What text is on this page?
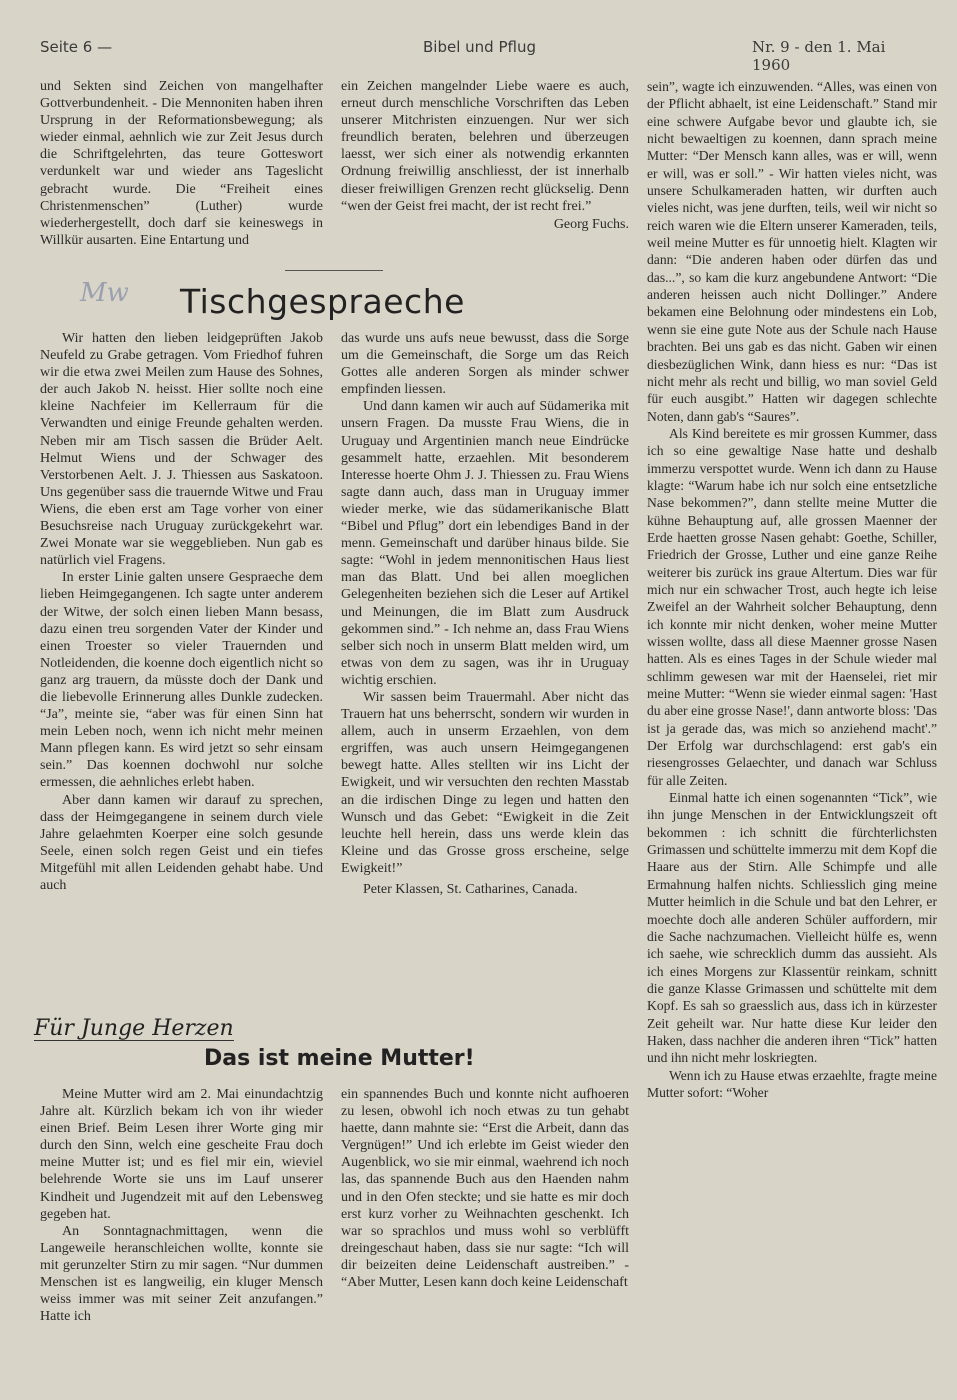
Seite 6 —	Bibel und Pflug	Nr. 9 - den 1. Mai 1960

und Sekten sind Zeichen von mangelhafter Gottverbundenheit. - Die Mennoniten haben ihren Ursprung in der Reformationsbewegung; als wieder einmal, aehnlich wie zur Zeit Jesus durch die Schriftgelehrten, das teure Gotteswort verdunkelt war und wieder ans Tageslicht gebracht wurde. Die “Freiheit eines Christenmenschen” (Luther) wurde wiederhergestellt, doch darf sie keineswegs in Willkür ausarten. Eine Entartung und

ein Zeichen mangelnder Liebe waere es auch, erneut durch menschliche Vorschriften das Leben unserer Mitchristen einzuengen. Nur wer sich freundlich beraten, belehren und überzeugen laesst, wer sich einer als notwendig erkannten Ordnung freiwillig anschliesst, der ist innerhalb dieser freiwilligen Grenzen recht glückselig. Denn “wen der Geist frei macht, der ist recht frei.”

Georg Fuchs.

Mw Tischgespraeche

Wir hatten den lieben leidgeprüften Jakob Neufeld zu Grabe getragen. Vom Friedhof fuhren wir die etwa zwei Meilen zum Hause des Sohnes, der auch Jakob N. heisst. Hier sollte noch eine kleine Nachfeier im Kellerraum für die Verwandten und einige Freunde gehalten werden. Neben mir am Tisch sassen die Brüder Aelt. Helmut Wiens und der Schwager des Verstorbenen Aelt. J. J. Thiessen aus Saskatoon. Uns gegenüber sass die trauernde Witwe und Frau Wiens, die eben erst am Tage vorher von einer Besuchsreise nach Uruguay zurückgekehrt war. Zwei Monate war sie weggeblieben. Nun gab es natürlich viel Fragens.

In erster Linie galten unsere Gespraeche dem lieben Heimgegangenen. Ich sagte unter anderem der Witwe, der solch einen lieben Mann besass, dazu einen treu sorgenden Vater der Kinder und einen Troester so vieler Trauernden und Notleidenden, die koenne doch eigentlich nicht so ganz arg trauern, da müsste doch der Dank und die liebevolle Erinnerung alles Dunkle zudecken. “Ja”, meinte sie, “aber was für einen Sinn hat mein Leben noch, wenn ich nicht mehr meinen Mann pflegen kann. Es wird jetzt so sehr einsam sein.” Das koennen dochwohl nur solche ermessen, die aehnliches erlebt haben.

Aber dann kamen wir darauf zu sprechen, dass der Heimgegangene in seinem durch viele Jahre gelaehmten Koerper eine solch gesunde Seele, einen solch regen Geist und ein tiefes Mitgefühl mit allen Leidenden gehabt habe. Und auch

das wurde uns aufs neue bewusst, dass die Sorge um die Gemeinschaft, die Sorge um das Reich Gottes alle anderen Sorgen als minder schwer empfinden liessen.

Und dann kamen wir auch auf Südamerika mit unsern Fragen. Da musste Frau Wiens, die in Uruguay und Argentinien manch neue Eindrücke gesammelt hatte, erzaehlen. Mit besonderem Interesse hoerte Ohm J. J. Thiessen zu. Frau Wiens sagte dann auch, dass man in Uruguay immer wieder merke, wie das südamerikanische Blatt “Bibel und Pflug” dort ein lebendiges Band in der menn. Gemeinschaft und darüber hinaus bilde. Sie sagte: “Wohl in jedem mennonitischen Haus liest man das Blatt. Und bei allen moeglichen Gelegenheiten beziehen sich die Leser auf Artikel und Meinungen, die im Blatt zum Ausdruck gekommen sind.” - Ich nehme an, dass Frau Wiens selber sich noch in unserm Blatt melden wird, um etwas von dem zu sagen, was ihr in Uruguay wichtig erschien.

Wir sassen beim Trauermahl. Aber nicht das Trauern hat uns beherrscht, sondern wir wurden in allem, auch in unserm Erzaehlen, von dem ergriffen, was auch unsern Heimgegangenen bewegt hatte. Alles stellten wir ins Licht der Ewigkeit, und wir versuchten den rechten Masstab an die irdischen Dinge zu legen und hatten den Wunsch und das Gebet: “Ewigkeit in die Zeit leuchte hell herein, dass uns werde klein das Kleine und das Grosse gross erscheine, selge Ewigkeit!”

Peter Klassen, St. Catharines, Canada.

Für Junge Herzen
Das ist meine Mutter!

Meine Mutter wird am 2. Mai einundachtzig Jahre alt. Kürzlich bekam ich von ihr wieder einen Brief. Beim Lesen ihrer Worte ging mir durch den Sinn, welch eine gescheite Frau doch meine Mutter ist; und es fiel mir ein, wieviel belehrende Worte sie uns im Lauf unserer Kindheit und Jugendzeit mit auf den Lebensweg gegeben hat.

An Sonntagnachmittagen, wenn die Langeweile heranschleichen wollte, konnte sie mit gerunzelter Stirn zu mir sagen. “Nur dummen Menschen ist es langweilig, ein kluger Mensch weiss immer was mit seiner Zeit anzufangen.” Hatte ich

ein spannendes Buch und konnte nicht aufhoeren zu lesen, obwohl ich noch etwas zu tun gehabt haette, dann mahnte sie: “Erst die Arbeit, dann das Vergnügen!” Und ich erlebte im Geist wieder den Augenblick, wo sie mir einmal, waehrend ich noch las, das spannende Buch aus den Haenden nahm und in den Ofen steckte; und sie hatte es mir doch erst kurz vorher zu Weihnachten geschenkt. Ich war so sprachlos und muss wohl so verblüfft dreingeschaut haben, dass sie nur sagte: “Ich will dir beizeiten deine Leidenschaft austreiben.” - “Aber Mutter, Lesen kann doch keine Leidenschaft

sein”, wagte ich einzuwenden. “Alles, was einen von der Pflicht abhaelt, ist eine Leidenschaft.” Stand mir eine schwere Aufgabe bevor und glaubte ich, sie nicht bewaeltigen zu koennen, dann sprach meine Mutter: “Der Mensch kann alles, was er will, wenn er will, was er soll.” - Wir hatten vieles nicht, was unsere Schulkameraden hatten, wir durften auch vieles nicht, was jene durften, teils, weil wir nicht so reich waren wie die Eltern unserer Kameraden, teils, weil meine Mutter es für unnoetig hielt. Klagten wir dann: “Die anderen haben oder dürfen das und das...”, so kam die kurz angebundene Antwort: “Die anderen heissen auch nicht Dollinger.” Andere bekamen eine Belohnung oder mindestens ein Lob, wenn sie eine gute Note aus der Schule nach Hause brachten. Bei uns gab es das nicht. Gaben wir einen diesbezüglichen Wink, dann hiess es nur: “Das ist nicht mehr als recht und billig, wo man soviel Geld für euch ausgibt.” Hatten wir dagegen schlechte Noten, dann gab's “Saures”.

Als Kind bereitete es mir grossen Kummer, dass ich so eine gewaltige Nase hatte und deshalb immerzu verspottet wurde. Wenn ich dann zu Hause klagte: “Warum habe ich nur solch eine entsetzliche Nase bekommen?”, dann stellte meine Mutter die kühne Behauptung auf, alle grossen Maenner der Erde haetten grosse Nasen gehabt: Goethe, Schiller, Friedrich der Grosse, Luther und eine ganze Reihe weiterer bis zurück ins graue Altertum. Dies war für mich nur ein schwacher Trost, auch hegte ich leise Zweifel an der Wahrheit solcher Behauptung, denn ich konnte mir nicht denken, woher meine Mutter wissen wollte, dass all diese Maenner grosse Nasen hatten. Als es eines Tages in der Schule wieder mal schlimm gewesen war mit der Haenselei, riet mir meine Mutter: “Wenn sie wieder einmal sagen: 'Hast du aber eine grosse Nase!', dann antworte bloss: 'Das ist ja gerade das, was mich so anziehend macht'.” Der Erfolg war durchschlagend: erst gab's ein riesengrosses Gelaechter, und danach war Schluss für alle Zeiten.

Einmal hatte ich einen sogenannten “Tick”, wie ihn junge Menschen in der Entwicklungszeit oft bekommen : ich schnitt die fürchterlichsten Grimassen und schüttelte immerzu mit dem Kopf die Haare aus der Stirn. Alle Schimpfe und alle Ermahnung halfen nichts. Schliesslich ging meine Mutter heimlich in die Schule und bat den Lehrer, er moechte doch alle anderen Schüler auffordern, mir die Sache nachzumachen. Vielleicht hülfe es, wenn ich saehe, wie schrecklich dumm das aussieht. Als ich eines Morgens zur Klassentür reinkam, schnitt die ganze Klasse Grimassen und schüttelte mit dem Kopf. Es sah so graesslich aus, dass ich in kürzester Zeit geheilt war. Nur hatte diese Kur leider den Haken, dass nachher die anderen ihren “Tick” hatten und ihn nicht mehr loskriegten.

Wenn ich zu Hause etwas erzaehlte, fragte meine Mutter sofort: “Woher
